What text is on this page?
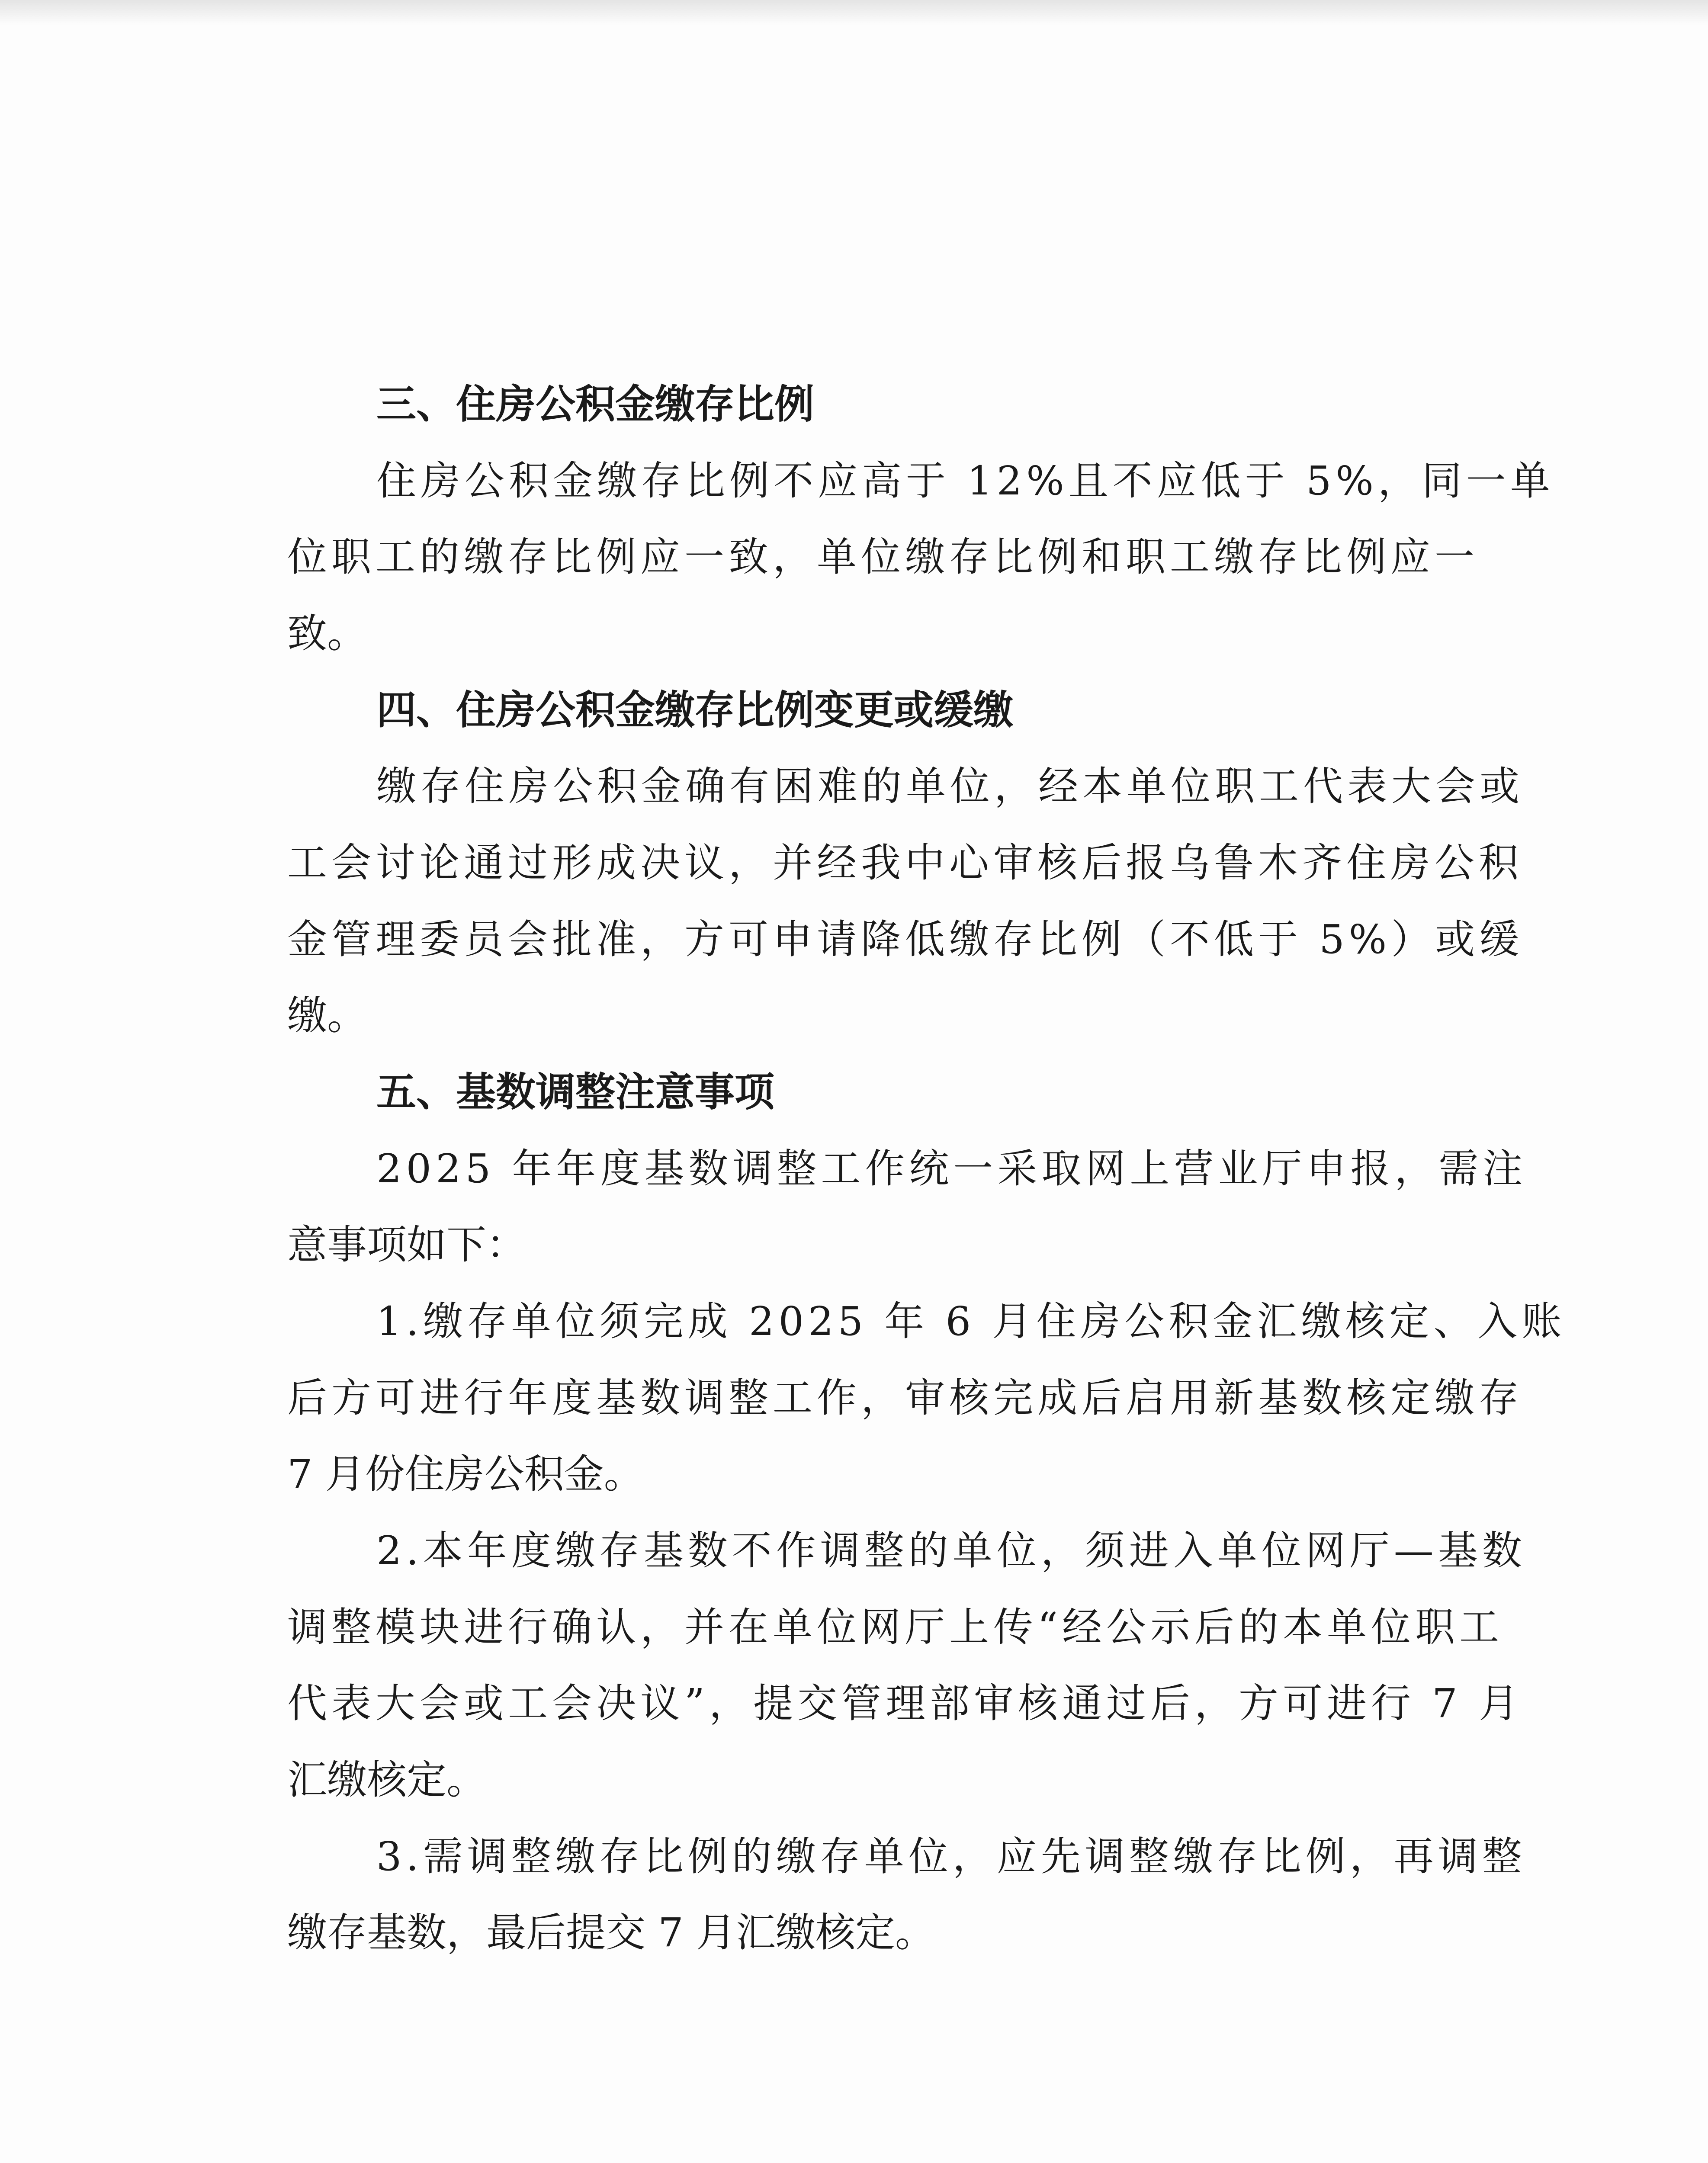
三、住房公积金缴存比例

住房公积金缴存比例不应高于 12%且不应低于 5%，同一单

位职工的缴存比例应一致，单位缴存比例和职工缴存比例应一

致。

四、住房公积金缴存比例变更或缓缴

缴存住房公积金确有困难的单位，经本单位职工代表大会或

工会讨论通过形成决议，并经我中心审核后报乌鲁木齐住房公积

金管理委员会批准，方可申请降低缴存比例（不低于 5%）或缓

缴。

五、基数调整注意事项

2025 年年度基数调整工作统一采取网上营业厅申报，需注

意事项如下：

1.缴存单位须完成 2025 年 6 月住房公积金汇缴核定、入账

后方可进行年度基数调整工作，审核完成后启用新基数核定缴存

7 月份住房公积金。

2.本年度缴存基数不作调整的单位，须进入单位网厅—基数

调整模块进行确认，并在单位网厅上传“经公示后的本单位职工

代表大会或工会决议”，提交管理部审核通过后，方可进行 7 月

汇缴核定。

3.需调整缴存比例的缴存单位，应先调整缴存比例，再调整

缴存基数，最后提交 7 月汇缴核定。
